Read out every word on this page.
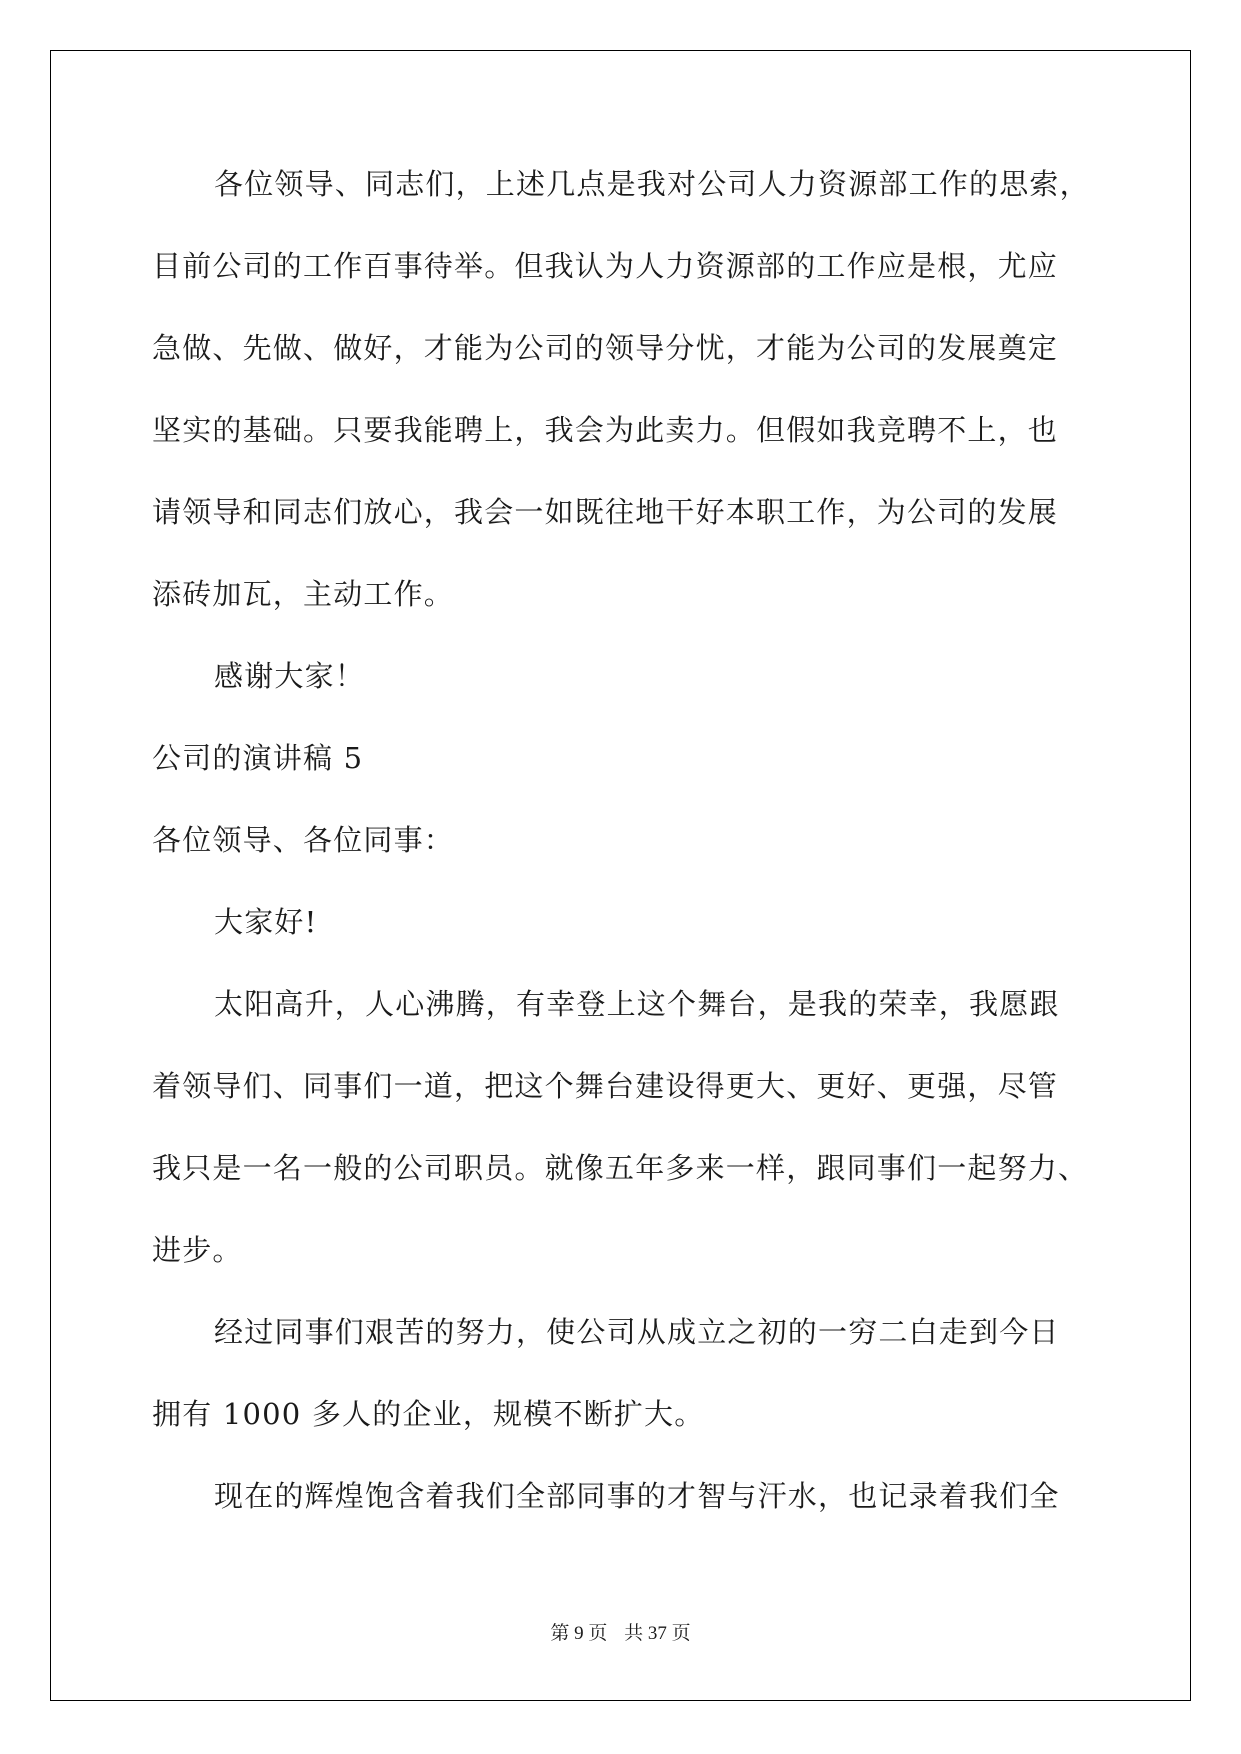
各位领导、同志们，上述几点是我对公司人力资源部工作的思索，
目前公司的工作百事待举。但我认为人力资源部的工作应是根，尤应
急做、先做、做好，才能为公司的领导分忧，才能为公司的发展奠定
坚实的基础。只要我能聘上，我会为此卖力。但假如我竞聘不上，也
请领导和同志们放心，我会一如既往地干好本职工作，为公司的发展
添砖加瓦，主动工作。
感谢大家！
公司的演讲稿 5
各位领导、各位同事：
大家好!
太阳高升，人心沸腾，有幸登上这个舞台，是我的荣幸，我愿跟
着领导们、同事们一道，把这个舞台建设得更大、更好、更强，尽管
我只是一名一般的公司职员。就像五年多来一样，跟同事们一起努力、
进步。
经过同事们艰苦的努力，使公司从成立之初的一穷二白走到今日
拥有 1000 多人的企业，规模不断扩大。
现在的辉煌饱含着我们全部同事的才智与汗水，也记录着我们全
第 9 页 共 37 页
